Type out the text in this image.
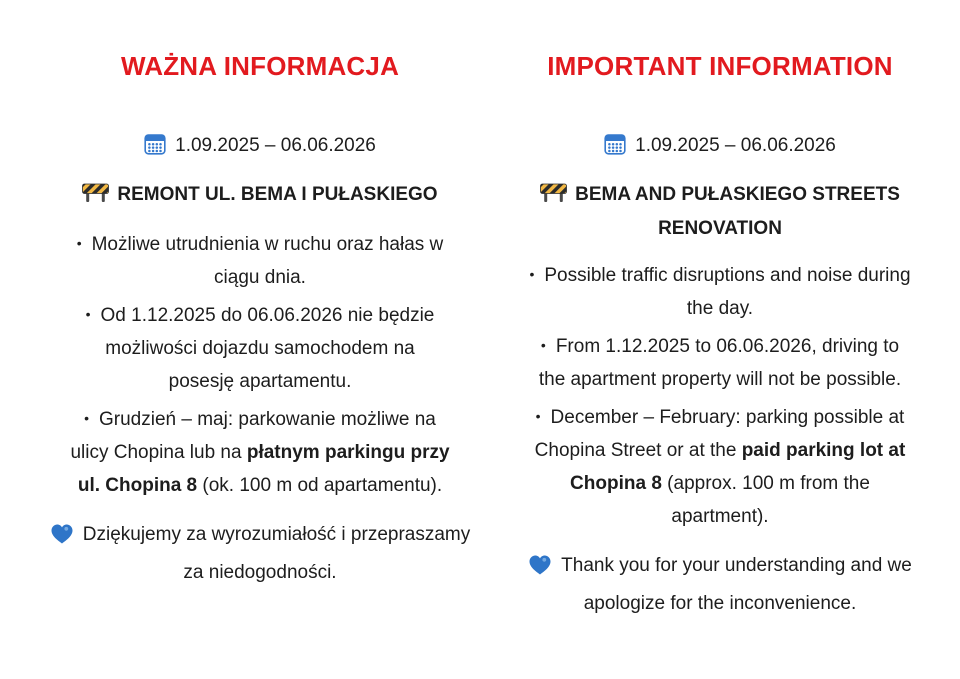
WAŻNA INFORMACJA
1.09.2025 – 06.06.2026
REMONT UL. BEMA I PUŁASKIEGO
• Możliwe utrudnienia w ruchu oraz hałas w
ciągu dnia.
• Od 1.12.2025 do 06.06.2026 nie będzie
możliwości dojazdu samochodem na
posesję apartamentu.
• Grudzień – maj: parkowanie możliwe na
ulicy Chopina lub na płatnym parkingu przy
ul. Chopina 8 (ok. 100 m od apartamentu).
Dziękujemy za wyrozumiałość i przepraszamy
za niedogodności.
IMPORTANT INFORMATION
1.09.2025 – 06.06.2026
BEMA AND PUŁASKIEGO STREETS
RENOVATION
• Possible traffic disruptions and noise during
the day.
• From 1.12.2025 to 06.06.2026, driving to
the apartment property will not be possible.
• December – February: parking possible at
Chopina Street or at the paid parking lot at
Chopina 8 (approx. 100 m from the
apartment).
Thank you for your understanding and we
apologize for the inconvenience.
